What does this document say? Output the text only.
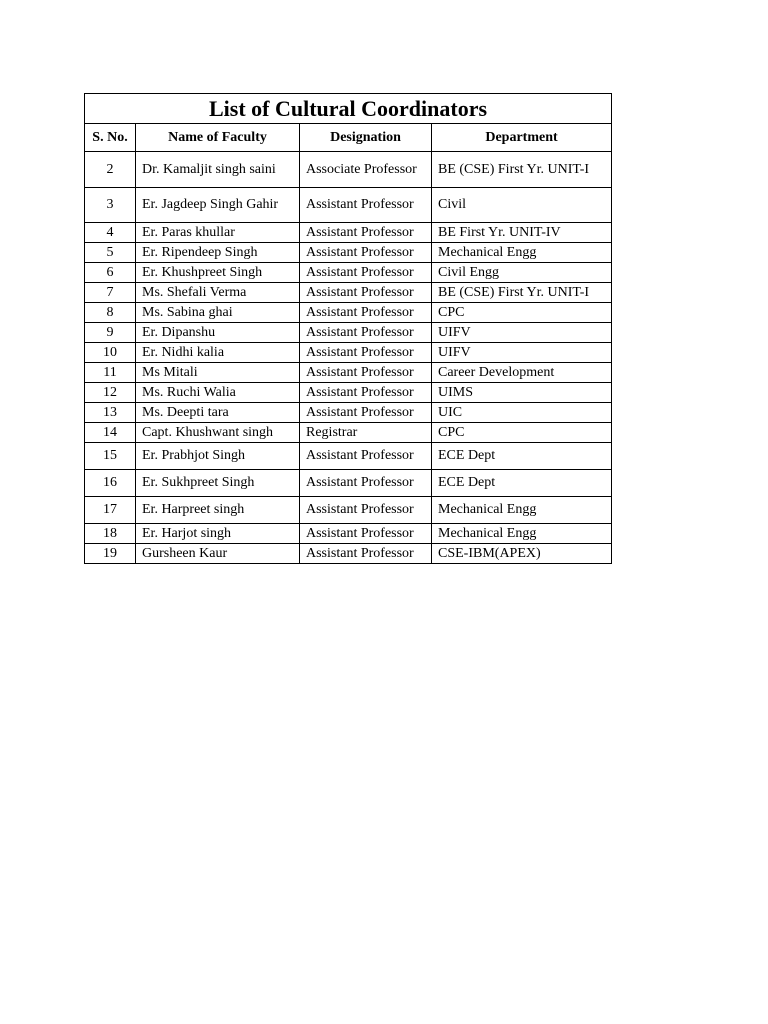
List of Cultural Coordinators			
S. No.	Name of Faculty	Designation	Department
2	Dr. Kamaljit singh saini	Associate Professor	BE (CSE) First Yr. UNIT-I
3	Er. Jagdeep Singh Gahir	Assistant Professor	Civil
4	Er. Paras khullar	Assistant Professor	BE First Yr. UNIT-IV
5	Er. Ripendeep Singh	Assistant Professor	Mechanical Engg
6	Er. Khushpreet Singh	Assistant Professor	Civil Engg
7	Ms. Shefali Verma	Assistant Professor	BE (CSE) First Yr. UNIT-I
8	Ms. Sabina ghai	Assistant Professor	CPC
9	Er. Dipanshu	Assistant Professor	UIFV
10	Er. Nidhi kalia	Assistant Professor	UIFV
11	Ms Mitali	Assistant Professor	Career Development
12	Ms. Ruchi Walia	Assistant Professor	UIMS
13	Ms. Deepti tara	Assistant Professor	UIC
14	Capt. Khushwant singh	Registrar	CPC
15	Er. Prabhjot Singh	Assistant Professor	ECE Dept
16	Er. Sukhpreet Singh	Assistant Professor	ECE Dept
17	Er. Harpreet singh	Assistant Professor	Mechanical Engg
18	Er. Harjot singh	Assistant Professor	Mechanical Engg
19	Gursheen Kaur	Assistant Professor	CSE-IBM(APEX)
